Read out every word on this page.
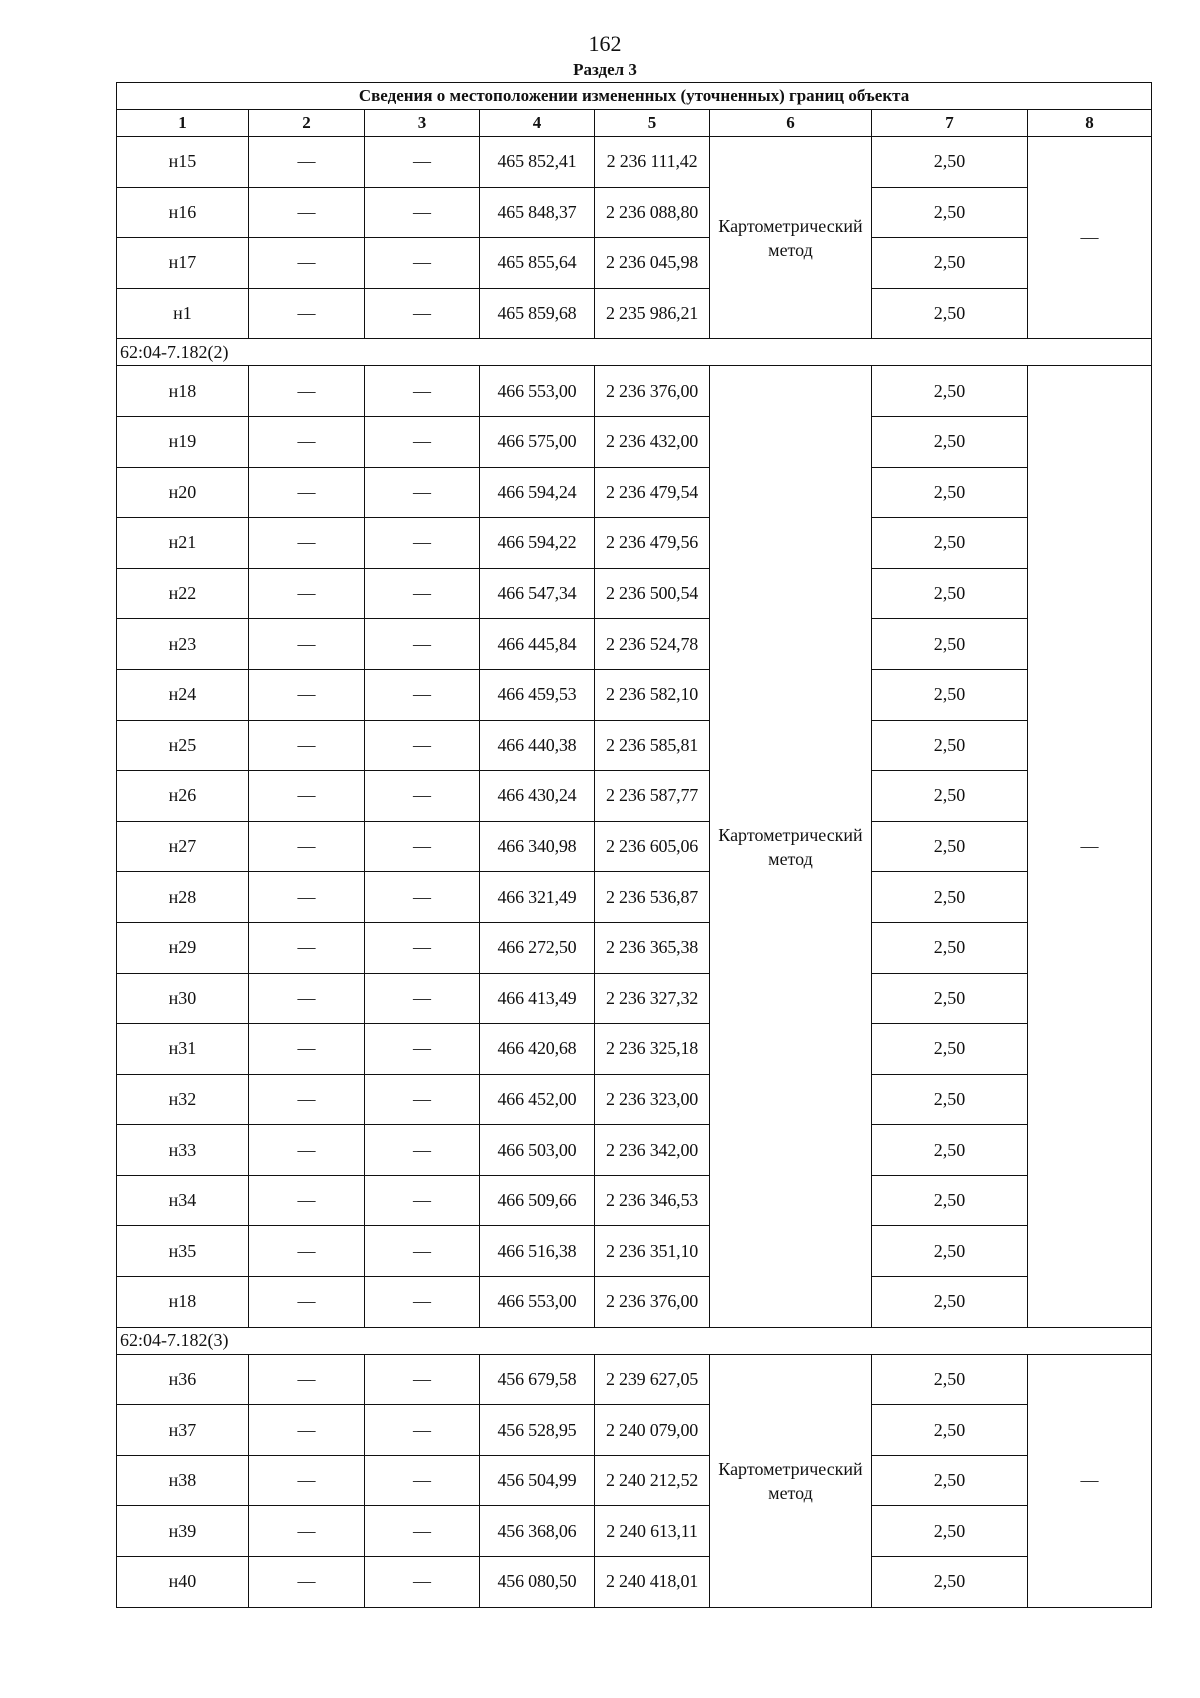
162
Раздел 3
Сведения о местоположении измененных (уточненных) границ объекта							
1	2	3	4	5	6	7	8
н15	—	—	465 852,41	2 236 111,42	Картометрический метод	2,50	—
н16	—	—	465 848,37	2 236 088,80		2,50	
н17	—	—	465 855,64	2 236 045,98		2,50	
н1	—	—	465 859,68	2 235 986,21		2,50	
62:04-7.182(2)							
н18	—	—	466 553,00	2 236 376,00	Картометрический метод	2,50	—
н19	—	—	466 575,00	2 236 432,00		2,50	
н20	—	—	466 594,24	2 236 479,54		2,50	
н21	—	—	466 594,22	2 236 479,56		2,50	
н22	—	—	466 547,34	2 236 500,54		2,50	
н23	—	—	466 445,84	2 236 524,78		2,50	
н24	—	—	466 459,53	2 236 582,10		2,50	
н25	—	—	466 440,38	2 236 585,81		2,50	
н26	—	—	466 430,24	2 236 587,77		2,50	
н27	—	—	466 340,98	2 236 605,06		2,50	
н28	—	—	466 321,49	2 236 536,87		2,50	
н29	—	—	466 272,50	2 236 365,38		2,50	
н30	—	—	466 413,49	2 236 327,32		2,50	
н31	—	—	466 420,68	2 236 325,18		2,50	
н32	—	—	466 452,00	2 236 323,00		2,50	
н33	—	—	466 503,00	2 236 342,00		2,50	
н34	—	—	466 509,66	2 236 346,53		2,50	
н35	—	—	466 516,38	2 236 351,10		2,50	
н18	—	—	466 553,00	2 236 376,00		2,50	
62:04-7.182(3)							
н36	—	—	456 679,58	2 239 627,05	Картометрический метод	2,50	—
н37	—	—	456 528,95	2 240 079,00		2,50	
н38	—	—	456 504,99	2 240 212,52		2,50	
н39	—	—	456 368,06	2 240 613,11		2,50	
н40	—	—	456 080,50	2 240 418,01		2,50	
